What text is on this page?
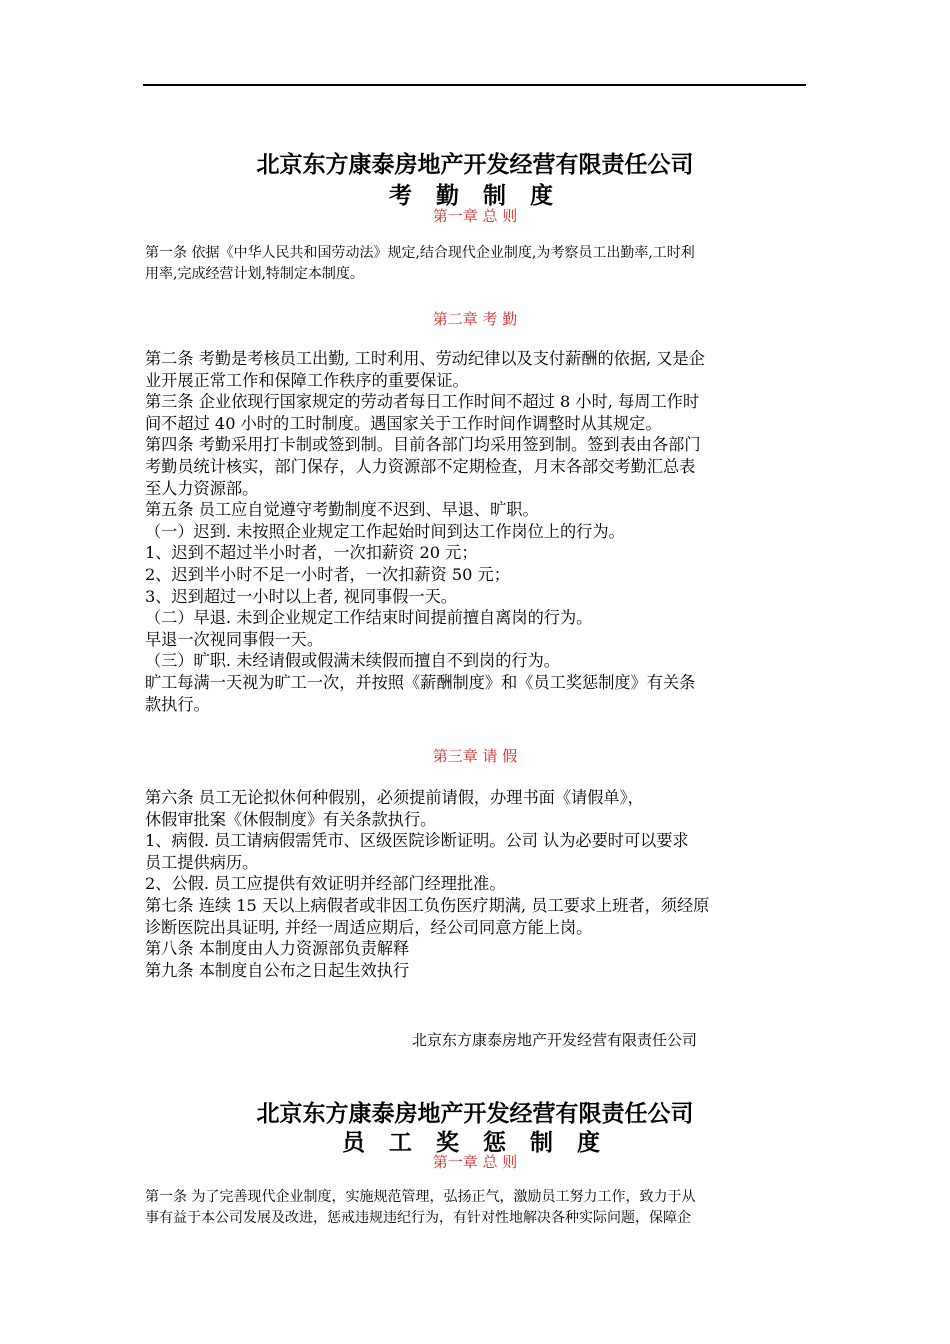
北京东方康泰房地产开发经营有限责任公司
考 勤 制 度
第一章 总 则
第一条 依据《中华人民共和国劳动法》规定,结合现代企业制度,为考察员工出勤率,工时利
用率,完成经营计划,特制定本制度。
第二章 考 勤
第二条 考勤是考核员工出勤, 工时利用、劳动纪律以及支付薪酬的依据, 又是企
业开展正常工作和保障工作秩序的重要保证。
第三条 企业依现行国家规定的劳动者每日工作时间不超过 8 小时, 每周工作时
间不超过 40 小时的工时制度。遇国家关于工作时间作调整时从其规定。
第四条 考勤采用打卡制或签到制。目前各部门均采用签到制。签到表由各部门
考勤员统计核实，部门保存，人力资源部不定期检查，月末各部交考勤汇总表
至人力资源部。
第五条 员工应自觉遵守考勤制度不迟到、早退、旷职。
（一）迟到. 未按照企业规定工作起始时间到达工作岗位上的行为。
1、迟到不超过半小时者，一次扣薪资 20 元；
2、迟到半小时不足一小时者，一次扣薪资 50 元；
3、迟到超过一小时以上者, 视同事假一天。
（二）早退. 未到企业规定工作结束时间提前擅自离岗的行为。
早退一次视同事假一天。
（三）旷职. 未经请假或假满未续假而擅自不到岗的行为。
旷工每满一天视为旷工一次，并按照《薪酬制度》和《员工奖惩制度》有关条
款执行。
第三章 请 假
第六条 员工无论拟休何种假别，必须提前请假，办理书面《请假单》，
休假审批案《休假制度》有关条款执行。
1、病假. 员工请病假需凭市、区级医院诊断证明。公司 认为必要时可以要求
员工提供病历。
2、公假. 员工应提供有效证明并经部门经理批准。
第七条 连续 15 天以上病假者或非因工负伤医疗期满, 员工要求上班者，须经原
诊断医院出具证明, 并经一周适应期后，经公司同意方能上岗。
第八条 本制度由人力资源部负责解释
第九条 本制度自公布之日起生效执行
北京东方康泰房地产开发经营有限责任公司
北京东方康泰房地产开发经营有限责任公司
员 工 奖 惩 制 度
第一章 总 则
第一条 为了完善现代企业制度，实施规范管理，弘扬正气，激励员工努力工作，致力于从
事有益于本公司发展及改进，惩戒违规违纪行为，有针对性地解决各种实际问题，保障企
